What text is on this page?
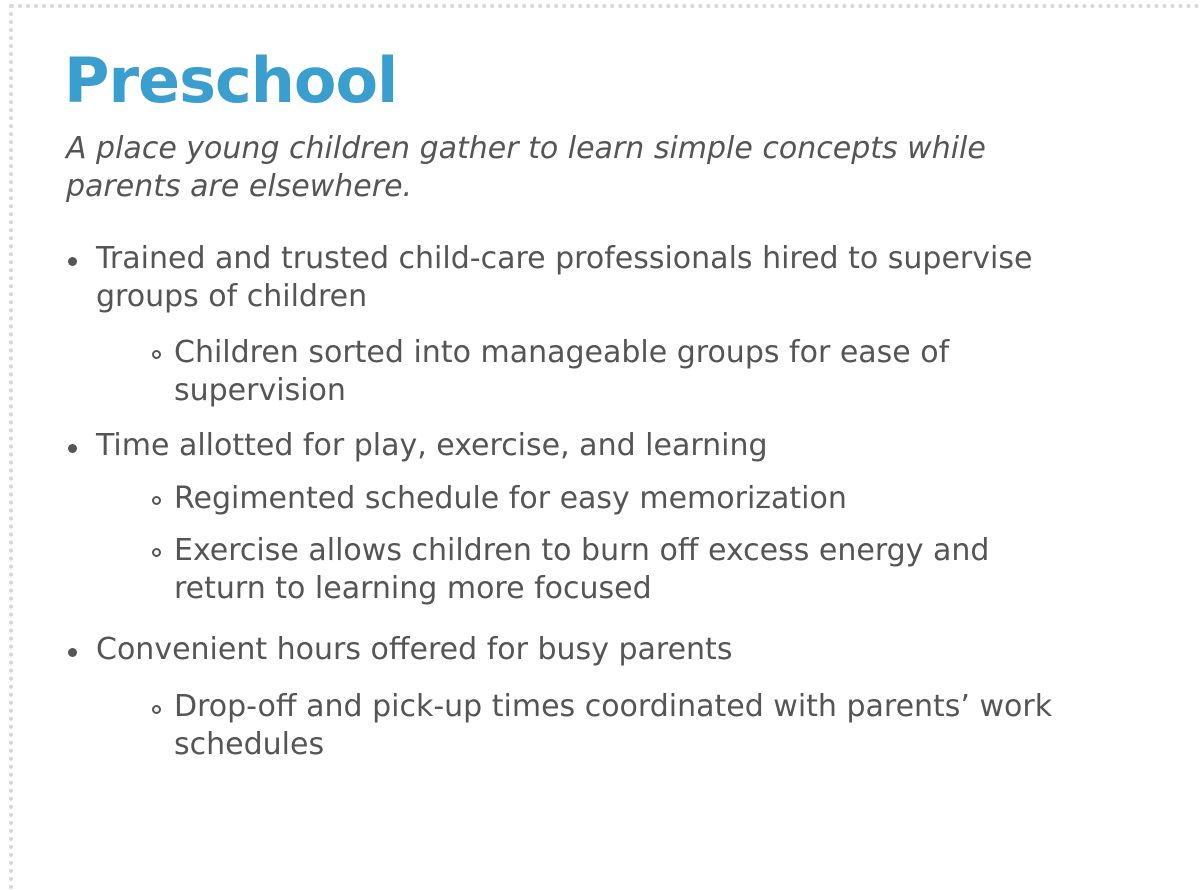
Preschool

A place young children gather to learn simple concepts while parents are elsewhere.

Trained and trusted child-care professionals hired to supervise groups of children

Children sorted into manageable groups for ease of supervision

Time allotted for play, exercise, and learning

Regimented schedule for easy memorization

Exercise allows children to burn off excess energy and return to learning more focused

Convenient hours offered for busy parents

Drop-off and pick-up times coordinated with parents’ work schedules
